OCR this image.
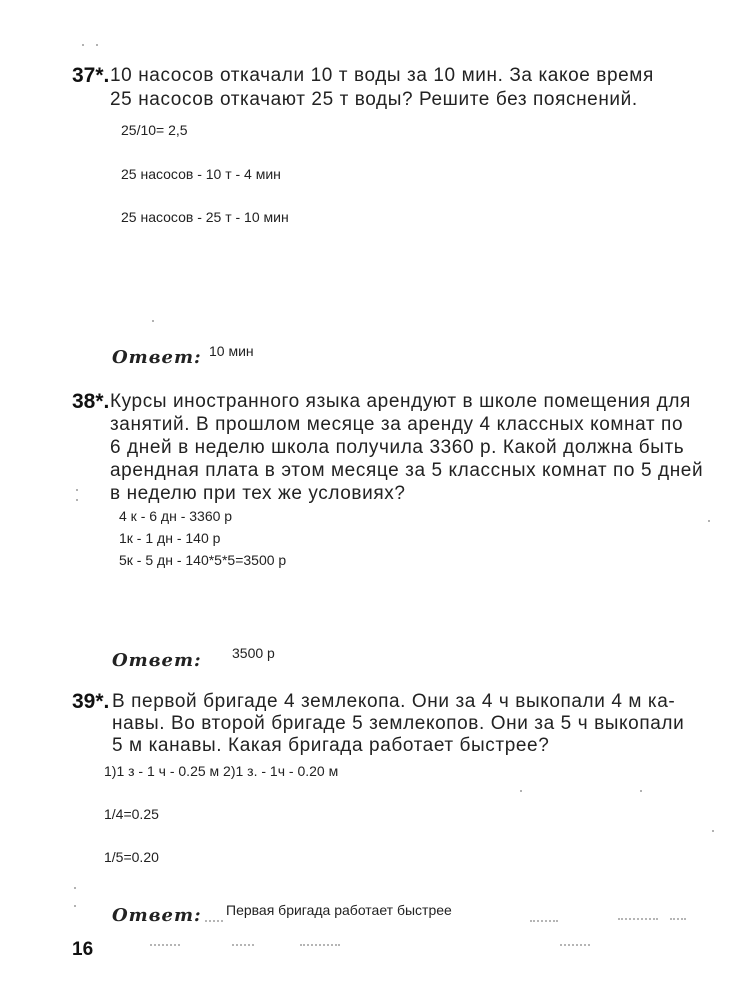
37*. 10 насосов откачали 10 т воды за 10 мин. За какое время
25 насосов откачают 25 т воды? Решите без пояснений.
25/10= 2,5
25 насосов - 10 т - 4 мин
25 насосов - 25 т - 10 мин
Ответ: 10 мин
38*. Курсы иностранного языка арендуют в школе помещения для
занятий. В прошлом месяце за аренду 4 классных комнат по
6 дней в неделю школа получила 3360 р. Какой должна быть
арендная плата в этом месяце за 5 классных комнат по 5 дней
в неделю при тех же условиях?
4 к - 6 дн - 3360 р
1к - 1 дн - 140 р
5к - 5 дн - 140*5*5=3500 р
Ответ: 3500 р
39*. В первой бригаде 4 землекопа. Они за 4 ч выкопали 4 м ка-
навы. Во второй бригаде 5 землекопов. Они за 5 ч выкопали
5 м канавы. Какая бригада работает быстрее?
1)1 з - 1 ч - 0.25 м 2)1 з. - 1ч - 0.20 м
1/4=0.25
1/5=0.20
Ответ: Первая бригада работает быстрее
16
